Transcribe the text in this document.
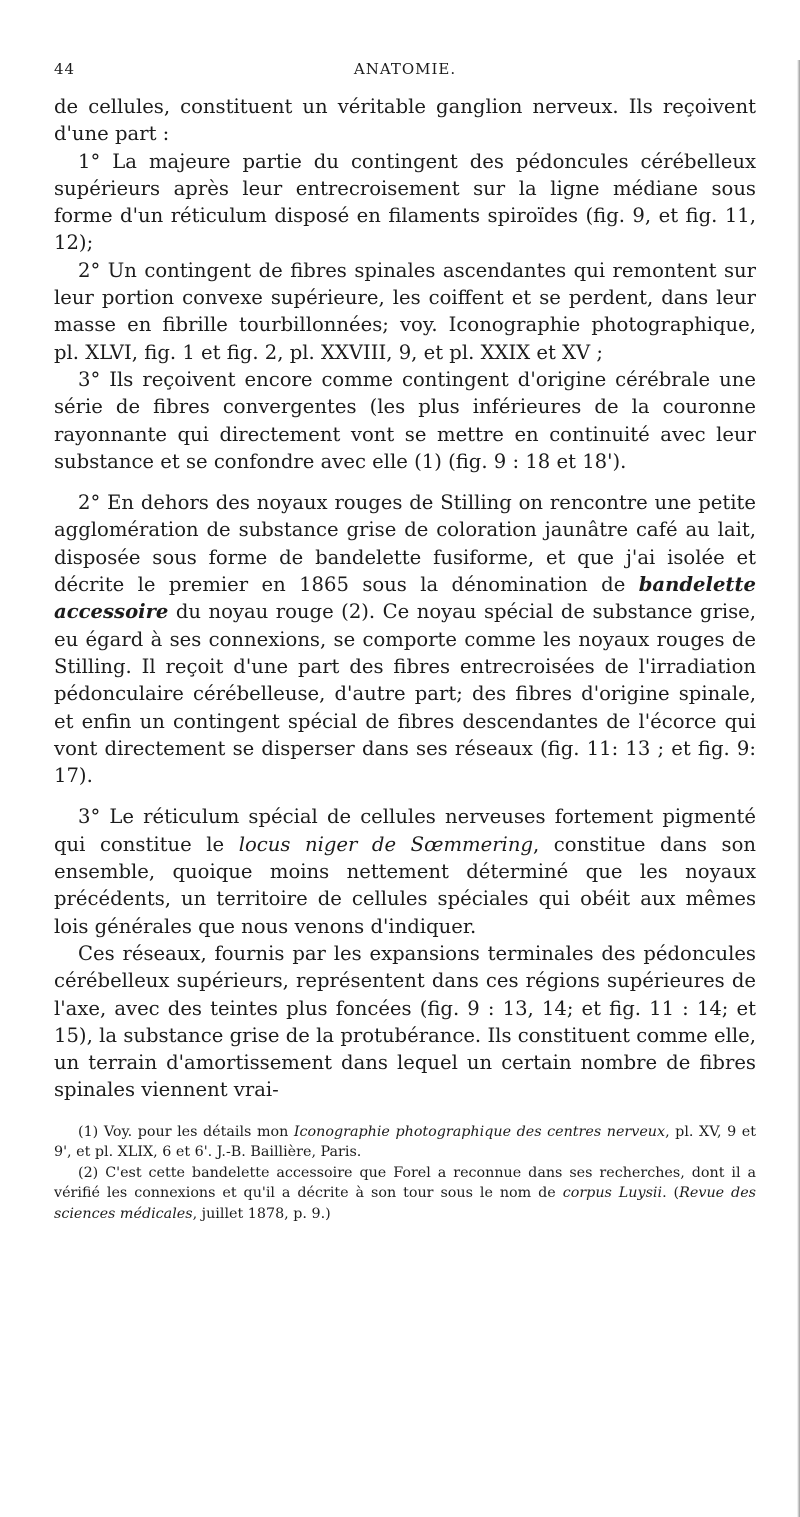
44	ANATOMIE.

de cellules, constituent un véritable ganglion nerveux. Ils reçoivent d'une part :

1° La majeure partie du contingent des pédoncules cérébelleux supérieurs après leur entrecroisement sur la ligne médiane sous forme d'un réticulum disposé en filaments spiroïdes (fig. 9, et fig. 11, 12);

2° Un contingent de fibres spinales ascendantes qui remontent sur leur portion convexe supérieure, les coiffent et se perdent, dans leur masse en fibrille tourbillonnées; voy. Iconographie photographique, pl. XLVI, fig. 1 et fig. 2, pl. XXVIII, 9, et pl. XXIX et XV ;

3° Ils reçoivent encore comme contingent d'origine cérébrale une série de fibres convergentes (les plus inférieures de la couronne rayonnante qui directement vont se mettre en continuité avec leur substance et se confondre avec elle (1) (fig. 9 : 18 et 18').

2° En dehors des noyaux rouges de Stilling on rencontre une petite agglomération de substance grise de coloration jaunâtre café au lait, disposée sous forme de bandelette fusiforme, et que j'ai isolée et décrite le premier en 1865 sous la dénomination de bandelette accessoire du noyau rouge (2). Ce noyau spécial de substance grise, eu égard à ses connexions, se comporte comme les noyaux rouges de Stilling. Il reçoit d'une part des fibres entrecroisées de l'irradiation pédonculaire cérébelleuse, d'autre part; des fibres d'origine spinale, et enfin un contingent spécial de fibres descendantes de l'écorce qui vont directement se disperser dans ses réseaux (fig. 11: 13 ; et fig. 9: 17).

3° Le réticulum spécial de cellules nerveuses fortement pigmenté qui constitue le locus niger de Sœmmering, constitue dans son ensemble, quoique moins nettement déterminé que les noyaux précédents, un territoire de cellules spéciales qui obéit aux mêmes lois générales que nous venons d'indiquer.

Ces réseaux, fournis par les expansions terminales des pédoncules cérébelleux supérieurs, représentent dans ces régions supérieures de l'axe, avec des teintes plus foncées (fig. 9 : 13, 14; et fig. 11 : 14; et 15), la substance grise de la protubérance. Ils constituent comme elle, un terrain d'amortissement dans lequel un certain nombre de fibres spinales viennent vrai-

(1) Voy. pour les détails mon Iconographie photographique des centres nerveux, pl. XV, 9 et 9', et pl. XLIX, 6 et 6'. J.-B. Baillière, Paris.

(2) C'est cette bandelette accessoire que Forel a reconnue dans ses recherches, dont il a vérifié les connexions et qu'il a décrite à son tour sous le nom de corpus Luysii. (Revue des sciences médicales, juillet 1878, p. 9.)
